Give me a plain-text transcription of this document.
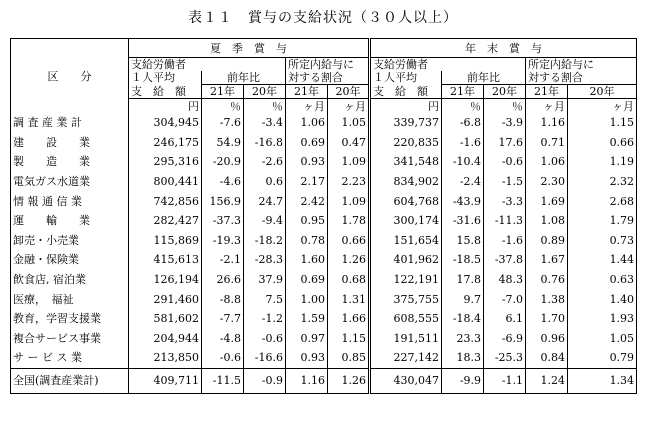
表１１　賞与の支給状況（３０人以上）
区　　分	夏　季　賞　与					年　末　賞　与				
	支給労働者			所定内給与に		支給労働者			所定内給与に	
	１人平均	前年比		対する割合		１人平均	前年比		対する割合	
	支　給　額	21年	20年	21年	20年	支　給　額	21年	20年	21年	20年
	円	％	％	ヶ月	ヶ月	円	％	％	ヶ月	ヶ月
調 査 産 業 計	304,945	-7.6	-3.4	1.06	1.05	339,737	-6.8	-3.9	1.16	1.15
建　　設　　業	246,175	54.9	-16.8	0.69	0.47	220,835	-1.6	17.6	0.71	0.66
製　　造　　業	295,316	-20.9	-2.6	0.93	1.09	341,548	-10.4	-0.6	1.06	1.19
電気ガス水道業	800,441	-4.6	0.6	2.17	2.23	834,902	-2.4	-1.5	2.30	2.32
情 報 通 信 業	742,856	156.9	24.7	2.42	1.09	604,768	-43.9	-3.3	1.69	2.68
運　　輸　　業	282,427	-37.3	-9.4	0.95	1.78	300,174	-31.6	-11.3	1.08	1.79
卸売・小売業	115,869	-19.3	-18.2	0.78	0.66	151,654	15.8	-1.6	0.89	0.73
金融・保険業	415,613	-2.1	-28.3	1.60	1.26	401,962	-18.5	-37.8	1.67	1.44
飲食店, 宿泊業	126,194	26.6	37.9	0.69	0.68	122,191	17.8	48.3	0.76	0.63
医療，　福祉	291,460	-8.8	7.5	1.00	1.31	375,755	9.7	-7.0	1.38	1.40
教育，学習支援業	581,602	-7.7	-1.2	1.59	1.66	608,555	-18.4	6.1	1.70	1.93
複合サービス事業	204,944	-4.8	-0.6	0.97	1.15	191,511	23.3	-6.9	0.96	1.05
サ ー ビ ス 業	213,850	-0.6	-16.6	0.93	0.85	227,142	18.3	-25.3	0.84	0.79
全国(調査産業計)	409,711	-11.5	-0.9	1.16	1.26	430,047	-9.9	-1.1	1.24	1.34
